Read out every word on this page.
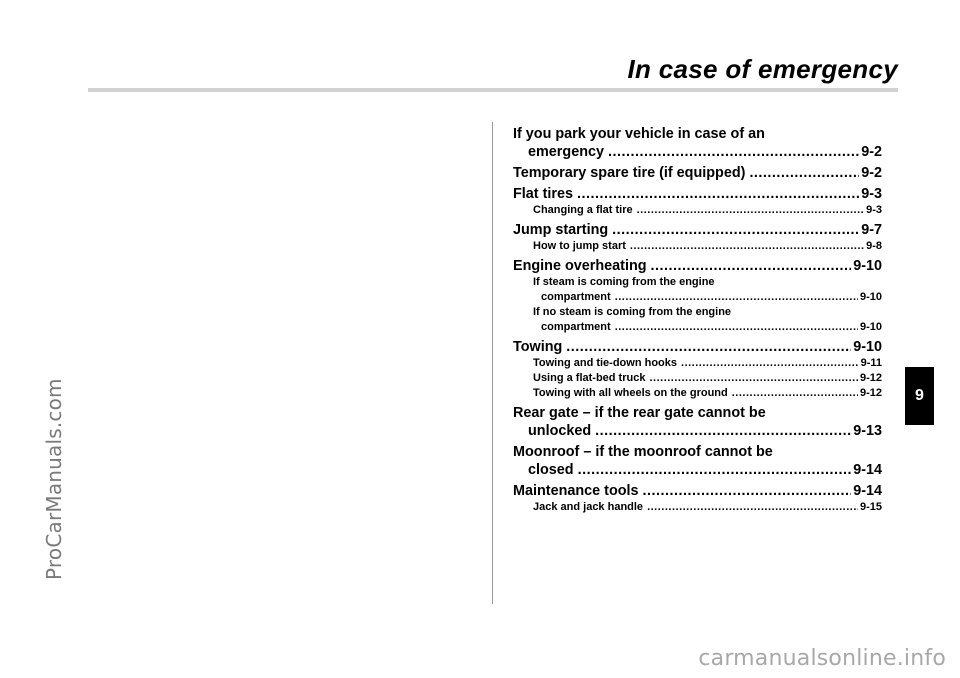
ProCarManuals.com
In case of emergency
If you park your vehicle in case of an
emergency .....	9-2
Temporary spare tire (if equipped) .....	9-2
Flat tires .....	9-3
Changing a flat tire .....	9-3
Jump starting .....	9-7
How to jump start .....	9-8
Engine overheating .....	9-10
If steam is coming from the engine
compartment .....	9-10
If no steam is coming from the engine
compartment .....	9-10
Towing .....	9-10
Towing and tie-down hooks .....	9-11
Using a flat-bed truck .....	9-12
Towing with all wheels on the ground .....	9-12
Rear gate – if the rear gate cannot be
unlocked .....	9-13
Moonroof – if the moonroof cannot be
closed .....	9-14
Maintenance tools .....	9-14
Jack and jack handle .....	9-15
9
carmanualsonline.info
